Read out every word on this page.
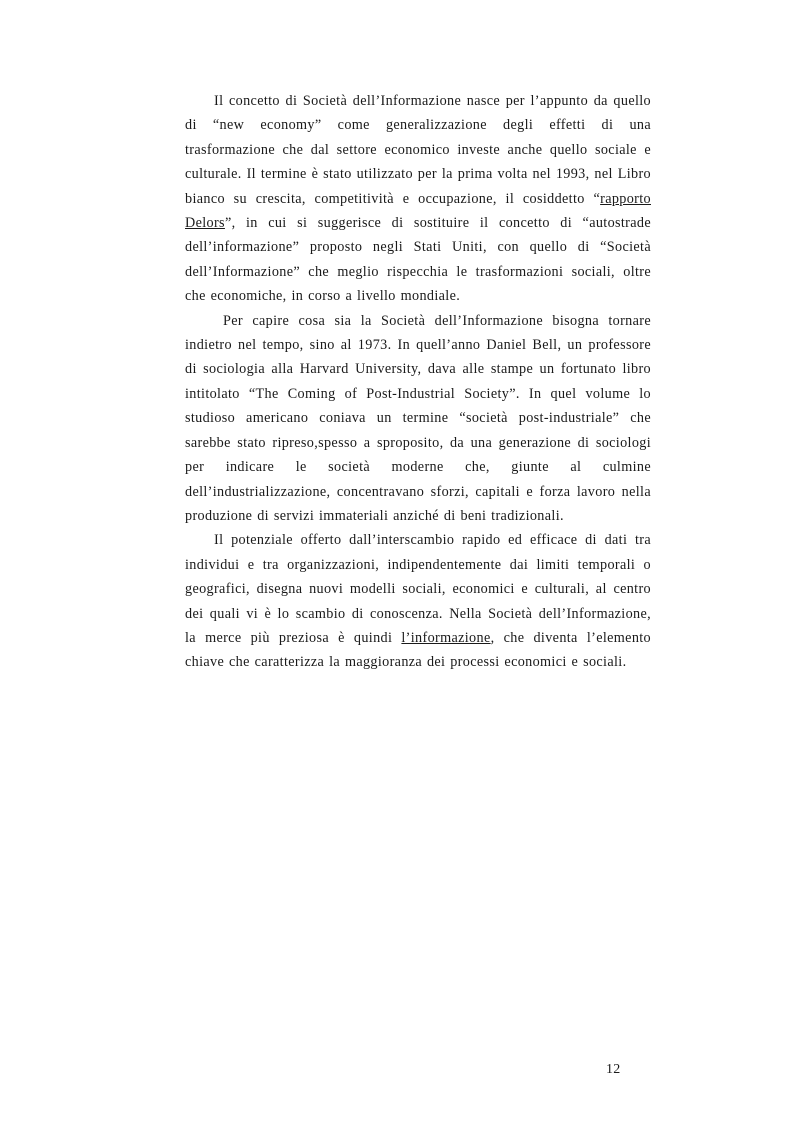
Il concetto di Società dell’Informazione nasce per l’appunto da quello di “new economy” come generalizzazione degli effetti di una trasformazione che dal settore economico investe anche quello sociale e culturale. Il termine è stato utilizzato per la prima volta nel 1993, nel Libro bianco su crescita, competitività e occupazione, il cosiddetto “rapporto Delors”, in cui si suggerisce di sostituire il concetto di “autostrade dell’informazione” proposto negli Stati Uniti, con quello di “Società dell’Informazione” che meglio rispecchia le trasformazioni sociali, oltre che economiche, in corso a livello mondiale.

Per capire cosa sia la Società dell’Informazione bisogna tornare indietro nel tempo, sino al 1973. In quell’anno Daniel Bell, un professore di sociologia alla Harvard University, dava alle stampe un fortunato libro intitolato “The Coming of Post-Industrial Society”. In quel volume lo studioso americano coniava un termine “società post-industriale” che sarebbe stato ripreso,spesso a sproposito, da una generazione di sociologi per indicare le società moderne che, giunte al culmine dell’industrializzazione, concentravano sforzi, capitali e forza lavoro nella produzione di servizi immateriali anziché di beni tradizionali.

Il potenziale offerto dall’interscambio rapido ed efficace di dati tra individui e tra organizzazioni, indipendentemente dai limiti temporali o geografici, disegna nuovi modelli sociali, economici e culturali, al centro dei quali vi è lo scambio di conoscenza. Nella Società dell’Informazione, la merce più preziosa è quindi l’informazione, che diventa l’elemento chiave che caratterizza la maggioranza dei processi economici e sociali.

12
